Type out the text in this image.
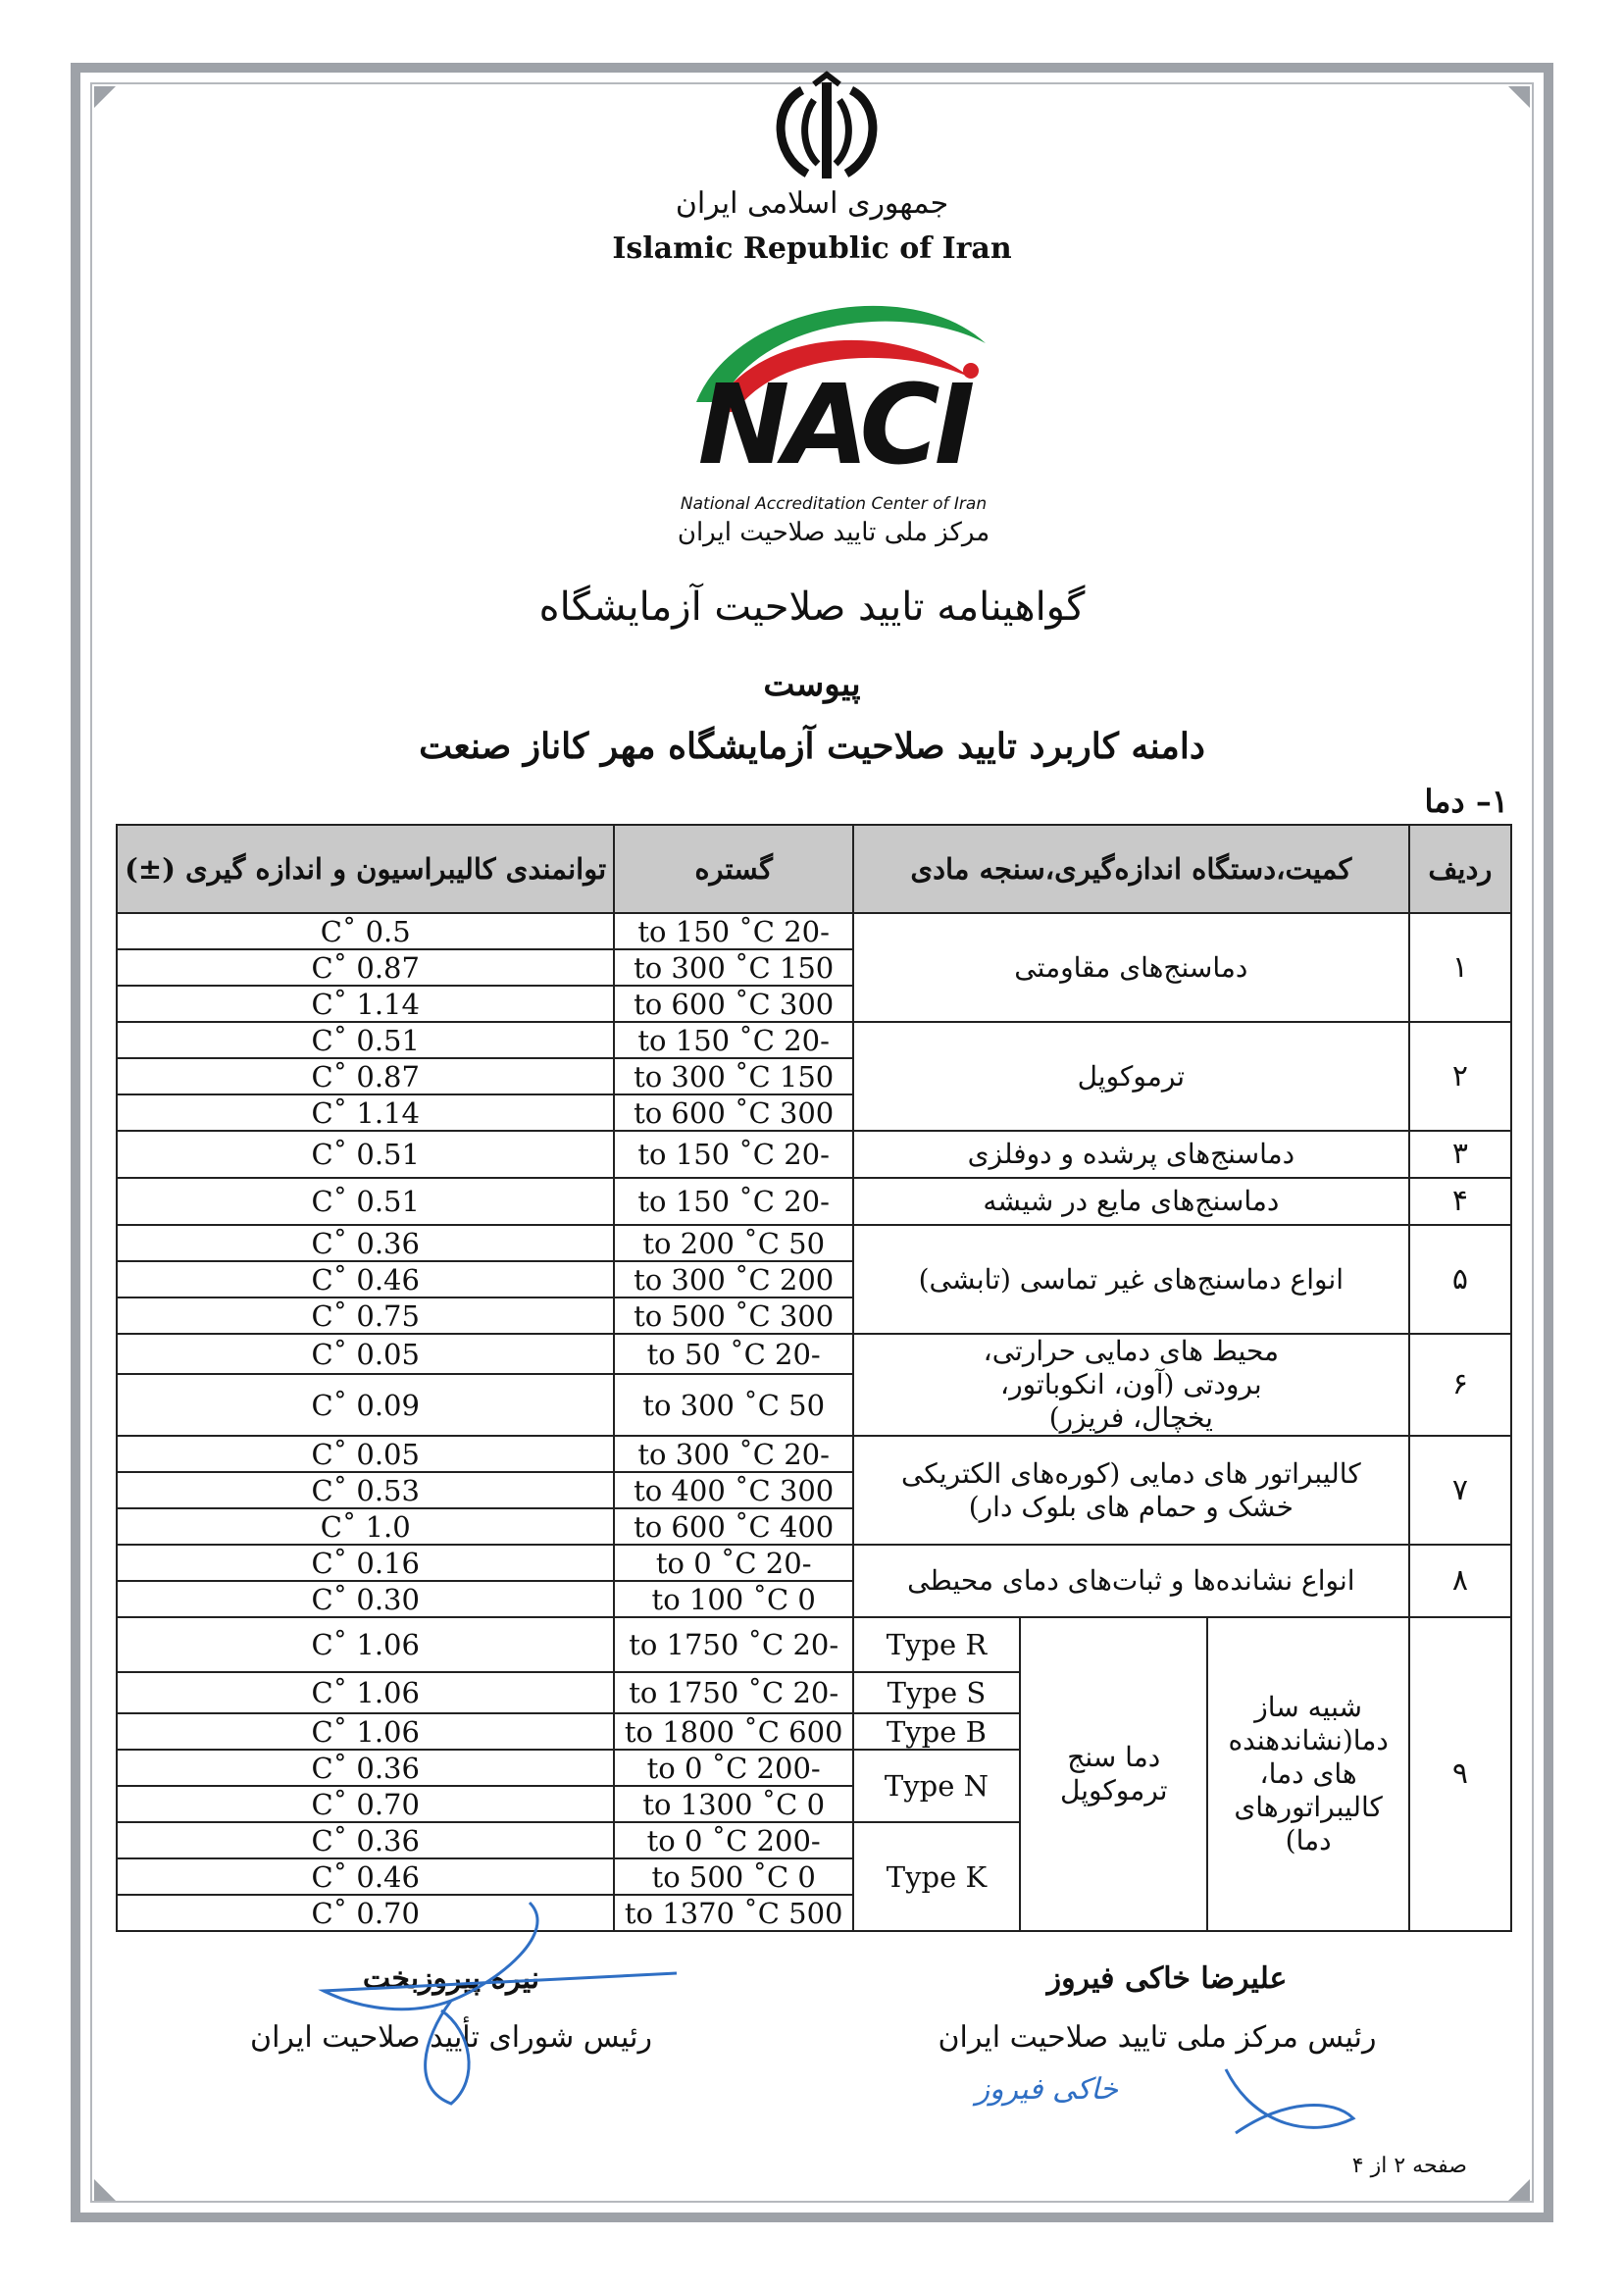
جمهوری اسلامی ایران
Islamic Republic of Iran
NACI
National Accreditation Center of Iran
مرکز ملی تایید صلاحیت ایران
گواهینامه تایید صلاحیت آزمایشگاه
پیوست
دامنه کاربرد تایید صلاحیت آزمایشگاه مهر کاناز صنعت
۱– دما
ردیف	کمیت،دستگاه اندازه‌گیری،سنجه مادی			گستره	توانمندی کالیبراسیون و اندازه گیری (±)
۱	دماسنج‌های مقاومتی			-20 to 150 ˚C	0.5 ˚C
				150 to 300 ˚C	0.87 ˚C
				300 to 600 ˚C	1.14 ˚C
۲	ترموکوپل			-20 to 150 ˚C	0.51 ˚C
				150 to 300 ˚C	0.87 ˚C
				300 to 600 ˚C	1.14 ˚C
۳	دماسنج‌های پرشده و دوفلزی			-20 to 150 ˚C	0.51 ˚C
۴	دماسنج‌های مایع در شیشه			-20 to 150 ˚C	0.51 ˚C
۵	انواع دماسنج‌های غیر تماسی (تابشی)			50 to 200 ˚C	0.36 ˚C
				200 to 300 ˚C	0.46 ˚C
				300 to 500 ˚C	0.75 ˚C
۶	محیط های دمایی حرارتی، برودتی (آون، انکوباتور، یخچال، فریزر)			-20 to 50 ˚C	0.05 ˚C
				50 to 300 ˚C	0.09 ˚C
۷	کالیبراتور های دمایی (کوره‌های الکتریکی خشک و حمام های بلوک دار)			-20 to 300 ˚C	0.05 ˚C
				300 to 400 ˚C	0.53 ˚C
				400 to 600 ˚C	1.0 ˚C
۸	انواع نشانده‌ها و ثبات‌های دمای محیطی			-20 to 0 ˚C	0.16 ˚C
				0 to 100 ˚C	0.30 ˚C
۹	شبیه ساز دما(نشاندهنده های دما، کالیبراتورهای دما)	دما سنج ترموکوپل	Type R	-20 to 1750 ˚C	1.06 ˚C
			Type S	-20 to 1750 ˚C	1.06 ˚C
			Type B	600 to 1800 ˚C	1.06 ˚C
			Type N	-200 to 0 ˚C	0.36 ˚C
				0 to 1300 ˚C	0.70 ˚C
			Type K	-200 to 0 ˚C	0.36 ˚C
				0 to 500 ˚C	0.46 ˚C
				500 to 1370 ˚C	0.70 ˚C
نیره پیروزبخت
رئیس شورای تأیید صلاحیت ایران
علیرضا خاکی فیروز
رئیس مرکز ملی تایید صلاحیت ایران
خاکی فیروز
صفحه ۲ از ۴
